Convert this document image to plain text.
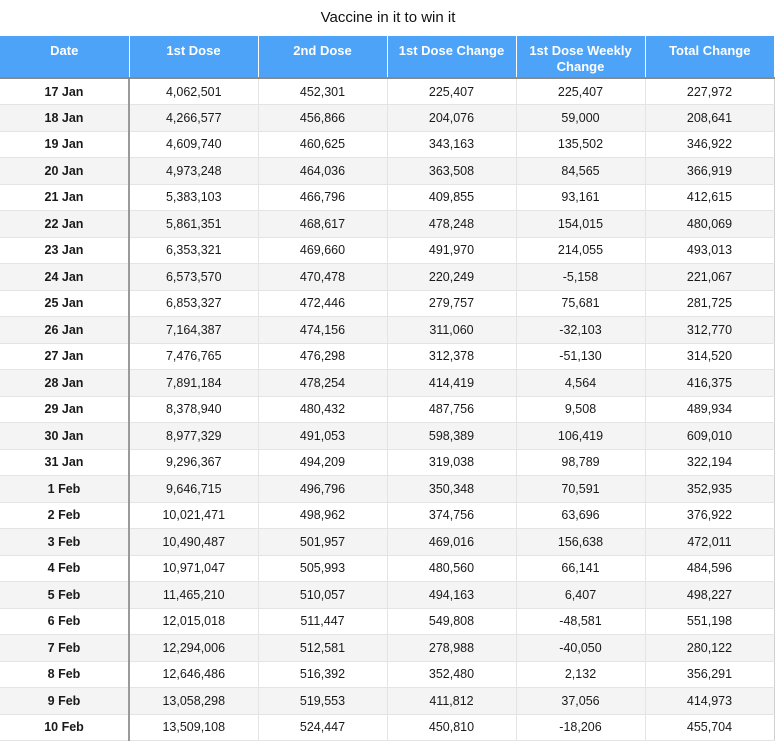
Vaccine in it to win it
Date	1st Dose	2nd Dose	1st Dose Change	1st Dose Weekly Change	Total Change
17 Jan	4,062,501	452,301	225,407	225,407	227,972
18 Jan	4,266,577	456,866	204,076	59,000	208,641
19 Jan	4,609,740	460,625	343,163	135,502	346,922
20 Jan	4,973,248	464,036	363,508	84,565	366,919
21 Jan	5,383,103	466,796	409,855	93,161	412,615
22 Jan	5,861,351	468,617	478,248	154,015	480,069
23 Jan	6,353,321	469,660	491,970	214,055	493,013
24 Jan	6,573,570	470,478	220,249	-5,158	221,067
25 Jan	6,853,327	472,446	279,757	75,681	281,725
26 Jan	7,164,387	474,156	311,060	-32,103	312,770
27 Jan	7,476,765	476,298	312,378	-51,130	314,520
28 Jan	7,891,184	478,254	414,419	4,564	416,375
29 Jan	8,378,940	480,432	487,756	9,508	489,934
30 Jan	8,977,329	491,053	598,389	106,419	609,010
31 Jan	9,296,367	494,209	319,038	98,789	322,194
1 Feb	9,646,715	496,796	350,348	70,591	352,935
2 Feb	10,021,471	498,962	374,756	63,696	376,922
3 Feb	10,490,487	501,957	469,016	156,638	472,011
4 Feb	10,971,047	505,993	480,560	66,141	484,596
5 Feb	11,465,210	510,057	494,163	6,407	498,227
6 Feb	12,015,018	511,447	549,808	-48,581	551,198
7 Feb	12,294,006	512,581	278,988	-40,050	280,122
8 Feb	12,646,486	516,392	352,480	2,132	356,291
9 Feb	13,058,298	519,553	411,812	37,056	414,973
10 Feb	13,509,108	524,447	450,810	-18,206	455,704
